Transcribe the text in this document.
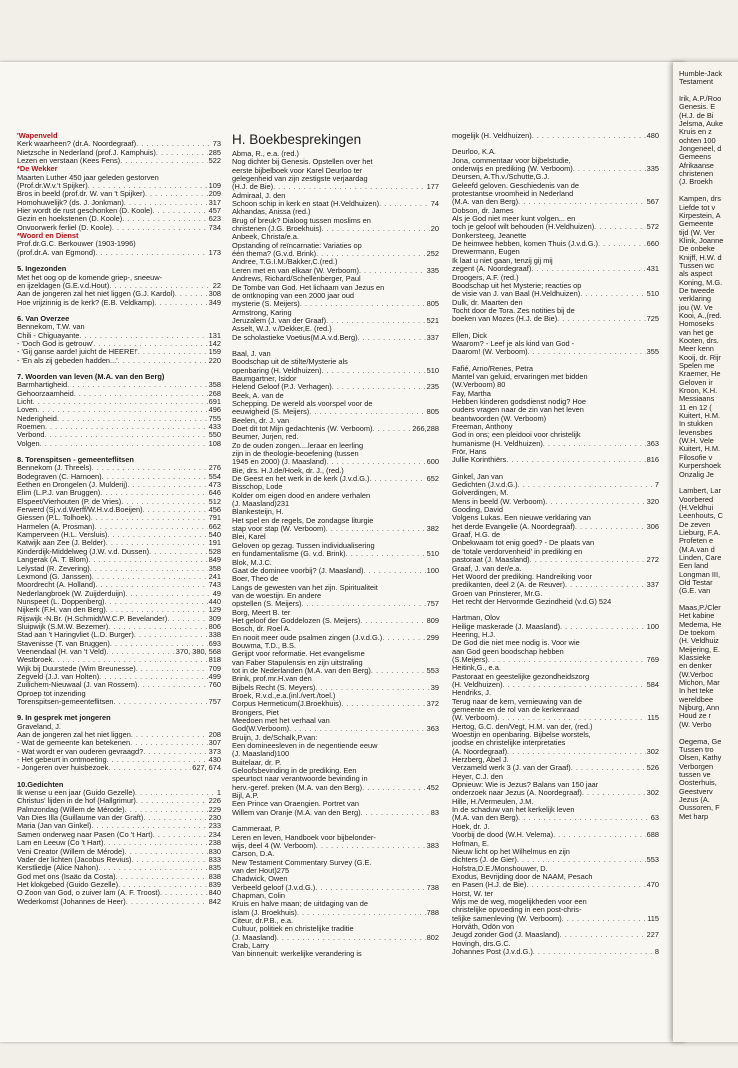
'Wapenveld
Kerk waarheen? (dr.A. Noordegraaf) . . .	73
Nietzsche in Nederland (prof.J. Kamphuis) . . .	285
Lezen en verstaan (Kees Fens) . . .	522
*De Wekker
Maarten Luther 450 jaar geleden gestorven
(Prof.dr.W.v.'t Spijker) . . .	109
Bros in beeld (prof.dr. W. van 't Spijker) . . .	209
Homohuwelijk? (ds. J. Jonkman) . . .	317
Hier wordt de rust geschonken (D. Koole) . . .	457
Gezin en hoekstenen (D. Koole) . . .	623
Onvoorwerk ferliel (D. Koole) . . .	734
*Woord en Dienst
Prof.dr.G.C. Berkouwer (1903-1996)
(prof.dr.A. van Egmond) . . .	173
5. Ingezonden
Met het oog op de komende griep-, sneeuw-
en ijzeldagen (G.E.v.d.Hout) . . .	22
Aan de jongeren zal het niet liggen (G.J. Kardol) . . .	308
Hoe vrijzinnig is de kerk? (E.B. Veldkamp) . . .	349
6. Van Overzee
Bennekom, T.W. van
Chili - Chiguayante . . .	131
- 'Doch God is getrouw' . . .	142
- 'Gij ganse aarde! juicht de HEERE!' . . .	159
- 'En als zij gebeden hadden...' . . .	220
7. Woorden van leven (M.A. van den Berg)
Barmhartigheid . . .	358
Gehoorzaamheid . . .	268
Licht . . .	691
Loven . . .	496
Nederigheid . . .	755
Roemen . . .	433
Verbond . . .	550
Volgen . . .	108
8. Torenspitsen - gemeenteflitsen
Bennekom (J. Threels) . . .	276
Bodegraven (C. Harnoen) . . .	554
Eethen en Drongelen (J. Mulderij) . . .	473
Elim (L.P.J. van Bruggen) . . .	646
Elspeet/Vierhouten (P. de Vries) . . .	512
Ferwerd (Sj.v.d.Werff/W.H.v.d.Boeijen) . . .	456
Giessen (P.L. Tolhoek) . . .	791
Harmelen (A. Prosman) . . .	662
Kamperveen (H.L. Versluis) . . .	540
Katwijk aan Zee (J. Belder) . . .	191
Kinderdijk-Middelweg (J.W. v.d. Dussen) . . .	528
Langerak (A. T. Blom) . . .	849
Lelystad (R. Zevering) . . .	358
Lexmond (G. Janssen) . . .	241
Moordrecht (A. Holland) . . .	743
Nederlangbroek (W. Zuijderduijn) . . .	49
Nunspeet (L. Doppenberg) . . .	440
Nijkerk (F.H. van den Berg) . . .	129
Rijswijk -N.Br. (H.Schmidt/W.C.P. Bevelander) . . .	309
Sluipwijk (S.M.W. Bezemer) . . .	806
Stad aan 't Haringvliet (L.D. Burger) . . .	338
Stavenisse (T. van Bruggen) . . .	693
Veenendaal (H. van 't Veld) . . .	370, 380, 568
Westbroek . . .	818
Wijk bij Duurstede (Wim Breunesse) . . .	709
Zegveld (J.J. van Holten) . . .	499
Zuilichem-Nieuwaal (J. van Rossem) . . .	760
Oproep tot inzending
Torenspitsen-gemeenteflitsen . . .	757
9. In gesprek met jongeren
Graveland, J.
Aan de jongeren zal het niet liggen . . .	208
- Wat de gemeente kan betekenen . . .	307
- Wat wordt er van ouderen gevraagd? . . .	373
- Het gebeurt in ontmoeting . . .	430
- Jongeren over huisbezoek . . .	627, 674
10.Gedichten
Ik wense u een jaar (Guido Gezelle) . . .	1
Christus' lijden in de hof (Hallgrimur) . . .	226
Palmzondag (Willem de Mérode) . . .	229
Van Dies Illa (Guillaume van der Graft) . . .	230
Maria (Jan van Ginkel) . . .	233
Samen onderweg naar Pasen (Co 't Hart) . . .	234
Lam en Leeuw (Co 't Hart) . . .	238
Veni Creator (Willem de Mérode) . . .	830
Vader der lichten (Jacobus Revius) . . .	833
Kerstliedje (Alice Nahon) . . .	835
God met ons (Isaäc da Costa) . . .	838
Het klokgebed (Guido Gezelle) . . .	839
O Zoon van God, o zuiver lam (A. F. Troost) . . .	840
Wederkomst (Johannes de Heer) . . .	842
H. Boekbesprekingen
Abma, R., e.a. (red.)
Nog dichter bij Genesis. Opstellen over het
eerste bijbelboek voor Karel Deurloo ter
gelegenheid van zijn zestigste verjaardag
(H.J. de Bie) . . .	177
Admiraal, J. den
Schoon schip in kerk en staat (H.Veldhuizen) . . .	74
Akhandas, Anissa (red.)
Brug of breuk? Dialoog tussen moslims en
christenen (J.G. Broekhuis) . . .	20
Anbeek, Christa/e.a.
Opstanding of reïncarnatie: Variaties op
één thema? (G.v.d. Brink) . . .	252
Andree, T.G.I.M./Bakker,C.(red.)
Leren met en van elkaar (W. Verboom) . . .	335
Andrews, Richard/Schellenberger, Paul
De Tombe van God. Het lichaam van Jezus en
de ontknoping van een 2000 jaar oud
mysterie (S. Meijers) . . .	805
Armstrong, Karing
Jeruzalem (J. van der Graaf) . . .	521
Asselt, W.J. v./Dekker,E. (red.)
De scholastieke Voetius(M.A.v.d.Berg) . . .	337
Baal, J. van
Boodschap uit de stilte/Mysterie als
openbaring (H. Veldhuizen) . . .	510
Baumgartner, Isidor
Helend Geloof (P.J. Verhagen) . . .	235
Beek, A. van de
Schepping. De wereld als voorspel voor de
eeuwigheid (S. Meijers) . . .	805
Beelen, dr. J. van
Doet dit tot Mijn gedachtenis (W. Verboom) . . .	266,288
Beumer, Jurjen, red.
Zo de ouden zongen....leraar en leerling
zijn in de theologie-beoefening (tussen
1945 en 2000) (J. Maasland) . . .	600
Bie, drs. H.J.de/Hoek, dr. J., (red.)
De Geest en het werk in de kerk (J.v.d.G.) . . .	652
Bisschop, Lode
Kolder om eigen dood en andere verhalen
(J. Maasland)231
Blankesteijn, H.
Het spel en de regels, De zondagse liturgie
stap voor stap (W. Verboom) . . .	382
Blei, Karel
Geloven op gezag. Tussen individualisering
en fundamentalisme (G. v.d. Brink) . . .	510
Blok, M.J.C.
Gaat de dominee voorbij? (J. Maasland) . . .	100
Boer, Theo de
Langs de gewesten van het zijn. Spiritualiteit
van de woestijn. En andere
opstellen (S. Meijers) . . .	757
Borg, Meert B. ter
Het geloof der Goddelozen (S. Meijers) . . .	809
Bosch, dr. Roel A.
En nooit meer oude psalmen zingen (J.v.d.G.) . . .	299
Bouwma, T.D., B.S.
Gerijpt voor reformatie. Het evangelisme
van Faber Stapulensis en zijn uitstraling
tot in de Nederlanden (M.A. van den Berg) . . .	553
Brink, prof.mr.H.van den
Bijbels Recht (S. Meyers) . . .	39
Broek, R.v.d.,e.a.(inl./vert./toel.)
Corpus Hermeticum(J.Broekhuis) . . .	372
Brongers, Piet
Meedoen met het verhaal van
God(W.Verboom) . . .	363
Bruijn, J. de/Schalk,P.van:
Een domineesleven in de negentiende eeuw
(J. Maasland)100
Buitelaar, dr. P.
Geloofsbevinding in de prediking. Een
speurtoct naar verantwoorde bevinding in
herv.-geref. preken (M.A. van den Berg) . . .	452
Bijl, A.P.
Een Prince van Oraengien. Portret van
Willem van Oranje (M.A. van den Berg) . . .	83
Cammeraat, P.
Leren en leven, Handboek voor bijbelonder-
wijs, deel 4 (W. Verboom) . . .	383
Carson, D.A.
New Testament Commentary Survey (G.E.
van der Hout)275
Chadwick, Owen
Verbeeld geloof (J.v.d.G.) . . .	738
Chapman, Colin
Kruis en halve maan; de uitdaging van de
islam (J. Broekhuis) . . .	788
Citeur, dr.P.B., e.a.
Cultuur, politiek en christelijke traditie
(J. Maasland) . . .	802
Crab, Larry
Van binnenuit: werkelijke verandering is
mogelijk (H. Veldhuizen) . . .	480
Deurloo, K.A.
Jona, commentaar voor bijbelstudie,
onderwijs en prediking (W. Verboom) . . .	335
Deursen, A.Th.v./Schutte,G.J.
Geleefd geloven. Geschiedenis van de
protestantse vroomheid in Nederland
(M.A. van den Berg) . . .	567
Dobson, dr. James
Als je God niet meer kunt volgen... en
toch je geloof wilt behouden (H.Veldhuizen) . . .	572
Donkersteeg, Jeanette
De heimwee hebben, komen Thuis (J.v.d.G.) . . .	660
Drewermann, Eugen
Ik laat u niet gaan, tenzij gij mij
zegent (A. Noordegraaf) . . .	431
Droogers, A.F. (red.)
Boodschap uit het Mysterie; reacties op
de visie van J. van Baal (H.Veldhuizen) . . .	510
Dulk, dr. Maarten den
Tocht door de Tora. Zes notities bij de
boeken van Mozes (H.J. de Bie) . . .	725
Ellen, Dick
Waarom? - Leef je als kind van God -
Daarom! (W. Verboom) . . .	355
Fafié, Arno/Renes, Petra
Mantel van geluid, ervaringen met bidden
(W.Verboom) 80
Fay, Martha
Hebben kinderen godsdienst nodig? Hoe
ouders vragen naar de zin van het leven
beantwoorden (W. Verboom)
Freeman, Anthony
God in ons; een pleidooi voor christelijk
humanisme (H. Veldhuizen) . . .	363
Frör, Hans
Jullie Korinthiërs . . .	816
Ginkel, Jan van
Gedichten (J.v.d.G.) . . .	7
Golverdingen, M.
Mens in beeld (W. Verboom) . . .	320
Gooding, David
Volgens Lukas. Een nieuwe verklaring van
het derde Evangelie (A. Noordegraaf) . . .	306
Graaf, H.G. de
Onbekwaam tot enig goed? - De plaats van
de 'totale verdorvenheid' in prediking en
pastoraat (J. Maasland) . . .	272
Graaf, J. van der/e.a.
Het Woord der prediking. Handreiking voor
predikanten, deel 2 (A. de Reuver) . . .	337
Groen van Prinsterer, Mr.G.
Het recht der Hervormde Gezindheid (v.d.G) 524
Hartman, Olov
Heilige maskerade (J. Maasland) . . .	100
Heering, H.J.
De God die niet mee nodig is. Voor wie
aan God geen boodschap hebben
(S.Meijers) . . .	769
Heitink,G., e.a.
Pastoraat en geestelijke gezondheidszorg
(H. Veldhuizen) . . .	584
Hendriks, J.
Terug naar de kern, vernieuwing van de
gemeente en de rol van de kerkenraad
(W. Verboom) . . .	115
Hertog, G.C. den/Vegt, H.M. van der, (red.)
Woestijn en openbaring. Bijbelse worstels,
joodse en christelijke interpretaties
(A. Noordegraaf) . . .	302
Herzberg, Abel J.
Verzameld werk 3 (J. van der Graaf) . . .	526
Heyer, C.J. den
Opnieuw: Wie is Jezus? Balans van 150 jaar
onderzoek naar Jezus (A. Noordegraaf) . . .	302
Hille, H./Vermeulen, J.M.
In de schaduw van het kerkelijk leven
(M.A. van den Berg) . . .	63
Hoek, dr. J.
Voorbij de dood (W.H. Velema) . . .	688
Hofman, E.
Nieuw licht op het Wilhelmus en zijn
dichters (J. de Gier) . . .	553
Hofstra,D.E./Monshouwer, D.
Exodus, Bevrijding door de NAAM, Pesach
en Pasen (H.J. de Bie) . . .	470
Horst, W. ter
Wijs me de weg, mogelijkheden voor een
christelijke opvoeding in een post-chris-
telijke samenleving (W. Verboom) . . .	115
Horváth, Odön von
Jeugd zonder God (J. Maasland) . . .	227
Hovingh, drs.G.C.
Johannes Post (J.v.d.G.) . . .	8
Humble-Jack
Testament

Irik, A.P./Roo
Genesis. E
(H.J. de Bi
Jelsma, Auke
Kruis en z
ochten 100
Jongeneel, d
Gemeens
Afrikaanse
christenen
(J. Broekh

Kampen, drs
Liefde tot v
Kirpestein, A
Gemeente
tijd (W. Ver
Klink, Joanne
De onbeke
Knijff, H.W. d
Tussen wc
als aspect
Koning, M.G.
De tweede
verklaring
jou (W. Ve
Kooi, A.,(red.
Homoseks
van het ge
Kooten, drs.
Meer kenn
Kooij, dr. Rijr
Spelen me
Kraemer, He
Geloven ir
Kroon, K.H.
Messiaans
11 en 12 (
Kuitert, H.M.
In stukken
levensbes
(W.H. Vele
Kuitert, H.M.
Filosofie v
Kurpershoek
Onzalig Je

Lambert, Lar
Voorbered
(H.Veldhui
Leenhouts, C
De zeven
Lieburg, F.A.
Profeten e
(M.A.van d
Linden, Care
Een land
Longman III,
Old Testar
(G.E. van

Maas,P./Cler
Het kabine
Medema, He
De toekom
(H. Veldhuiz
Meijering, E.
Klassieke
en denker
(W.Verboc
Michon, Mar
In het teke
wereldbee
Nijburg, Ann
Houd ze r
(W. Verbo

Oegema, Ge
Tussen tro
Olsen, Kathy
Verborgen
tussen ve
Oosterhuis,
Geestverv
Jezus (A.
Oussoren, F
Met harp
